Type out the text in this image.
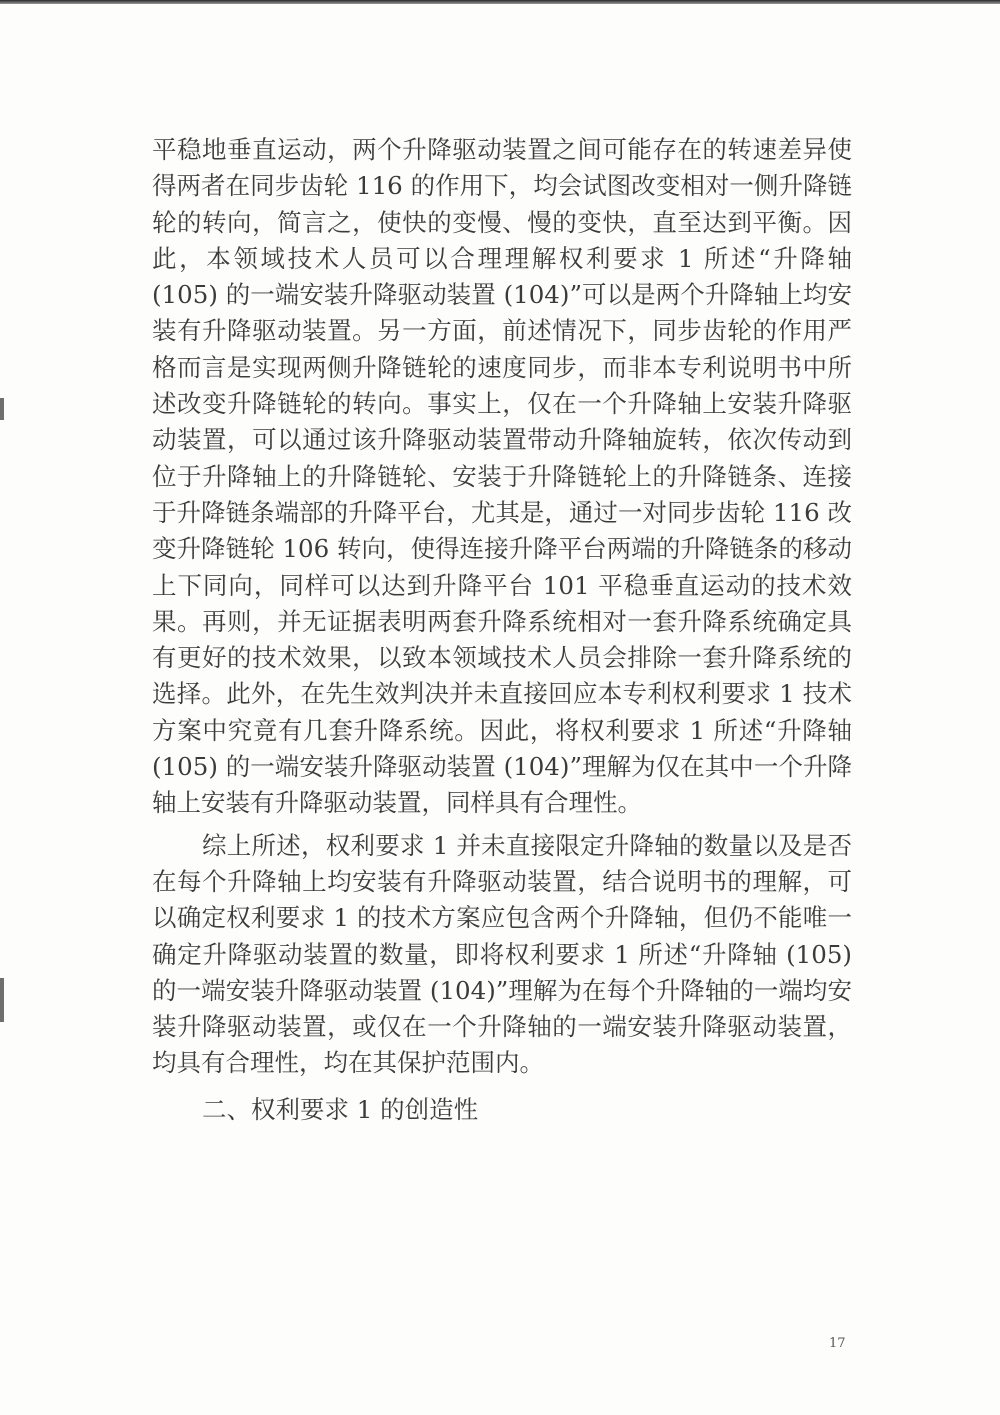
平稳地垂直运动，两个升降驱动装置之间可能存在的转速差异使得两者在同步齿轮 116 的作用下，均会试图改变相对一侧升降链轮的转向，简言之，使快的变慢、慢的变快，直至达到平衡。因此，本领域技术人员可以合理理解权利要求 1 所述“升降轴 (105) 的一端安装升降驱动装置 (104)”可以是两个升降轴上均安装有升降驱动装置。另一方面，前述情况下，同步齿轮的作用严格而言是实现两侧升降链轮的速度同步，而非本专利说明书中所述改变升降链轮的转向。事实上，仅在一个升降轴上安装升降驱动装置，可以通过该升降驱动装置带动升降轴旋转，依次传动到位于升降轴上的升降链轮、安装于升降链轮上的升降链条、连接于升降链条端部的升降平台，尤其是，通过一对同步齿轮 116 改变升降链轮 106 转向，使得连接升降平台两端的升降链条的移动上下同向，同样可以达到升降平台 101 平稳垂直运动的技术效果。再则，并无证据表明两套升降系统相对一套升降系统确定具有更好的技术效果，以致本领域技术人员会排除一套升降系统的选择。此外，在先生效判决并未直接回应本专利权利要求 1 技术方案中究竟有几套升降系统。因此，将权利要求 1 所述“升降轴 (105) 的一端安装升降驱动装置 (104)”理解为仅在其中一个升降轴上安装有升降驱动装置，同样具有合理性。

综上所述，权利要求 1 并未直接限定升降轴的数量以及是否在每个升降轴上均安装有升降驱动装置，结合说明书的理解，可以确定权利要求 1 的技术方案应包含两个升降轴，但仍不能唯一确定升降驱动装置的数量，即将权利要求 1 所述“升降轴 (105) 的一端安装升降驱动装置 (104)”理解为在每个升降轴的一端均安装升降驱动装置，或仅在一个升降轴的一端安装升降驱动装置，均具有合理性，均在其保护范围内。

二、权利要求 1 的创造性

17
